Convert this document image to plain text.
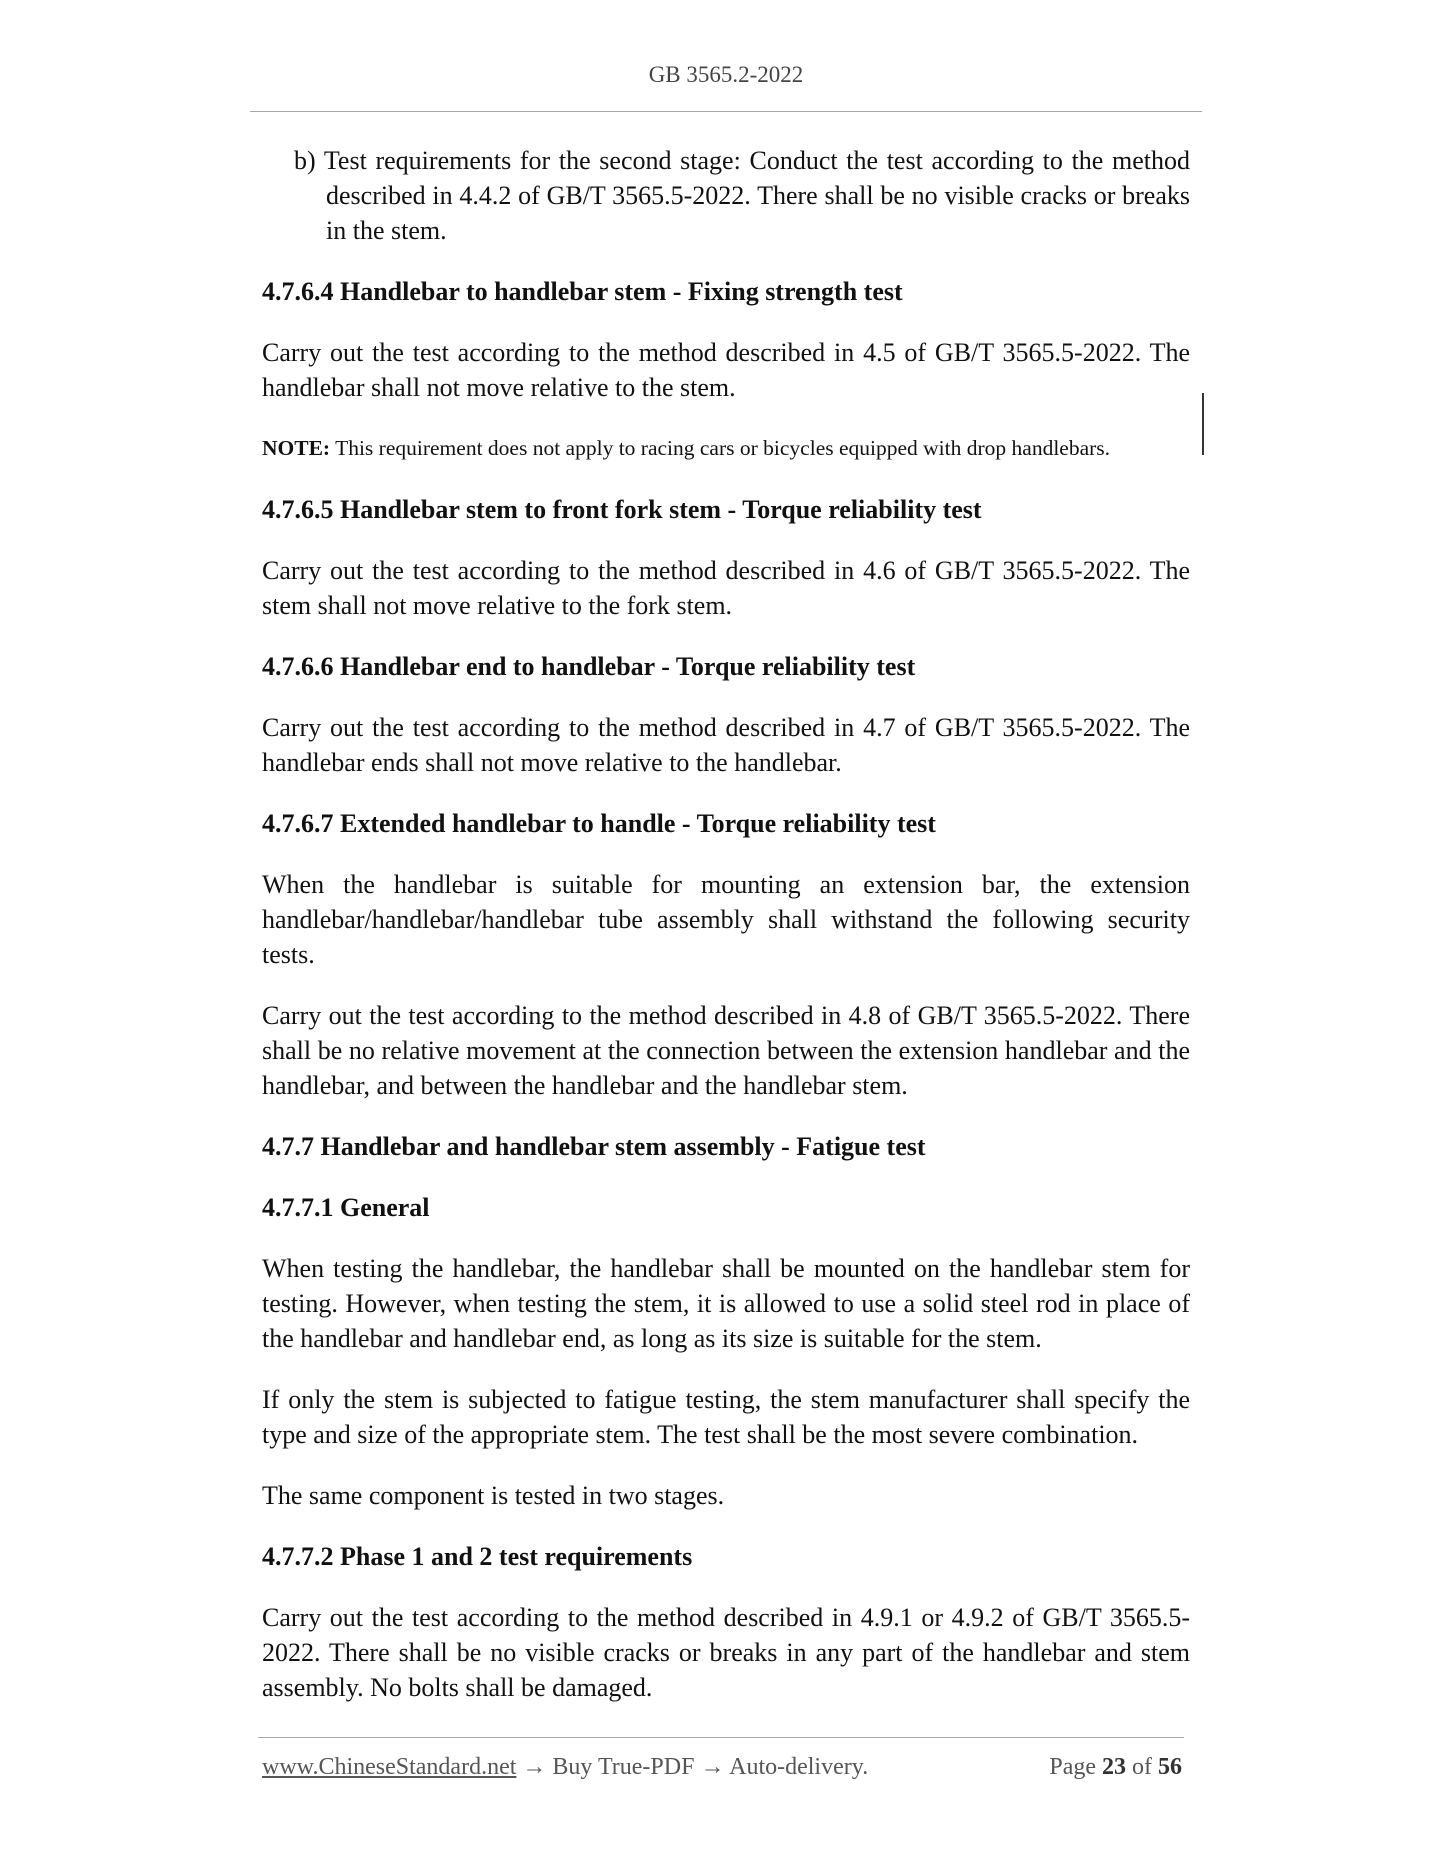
GB 3565.2-2022

b) Test requirements for the second stage: Conduct the test according to the method described in 4.4.2 of GB/T 3565.5-2022. There shall be no visible cracks or breaks in the stem.

4.7.6.4 Handlebar to handlebar stem - Fixing strength test

Carry out the test according to the method described in 4.5 of GB/T 3565.5-2022. The handlebar shall not move relative to the stem.

NOTE: This requirement does not apply to racing cars or bicycles equipped with drop handlebars.

4.7.6.5 Handlebar stem to front fork stem - Torque reliability test

Carry out the test according to the method described in 4.6 of GB/T 3565.5-2022. The stem shall not move relative to the fork stem.

4.7.6.6 Handlebar end to handlebar - Torque reliability test

Carry out the test according to the method described in 4.7 of GB/T 3565.5-2022. The handlebar ends shall not move relative to the handlebar.

4.7.6.7 Extended handlebar to handle - Torque reliability test

When the handlebar is suitable for mounting an extension bar, the extension handlebar/handlebar/handlebar tube assembly shall withstand the following security tests.

Carry out the test according to the method described in 4.8 of GB/T 3565.5-2022. There shall be no relative movement at the connection between the extension handlebar and the handlebar, and between the handlebar and the handlebar stem.

4.7.7 Handlebar and handlebar stem assembly - Fatigue test

4.7.7.1 General

When testing the handlebar, the handlebar shall be mounted on the handlebar stem for testing. However, when testing the stem, it is allowed to use a solid steel rod in place of the handlebar and handlebar end, as long as its size is suitable for the stem.

If only the stem is subjected to fatigue testing, the stem manufacturer shall specify the type and size of the appropriate stem. The test shall be the most severe combination.

The same component is tested in two stages.

4.7.7.2 Phase 1 and 2 test requirements

Carry out the test according to the method described in 4.9.1 or 4.9.2 of GB/T 3565.5-2022. There shall be no visible cracks or breaks in any part of the handlebar and stem assembly. No bolts shall be damaged.

www.ChineseStandard.net → Buy True-PDF → Auto-delivery.	Page 23 of 56
